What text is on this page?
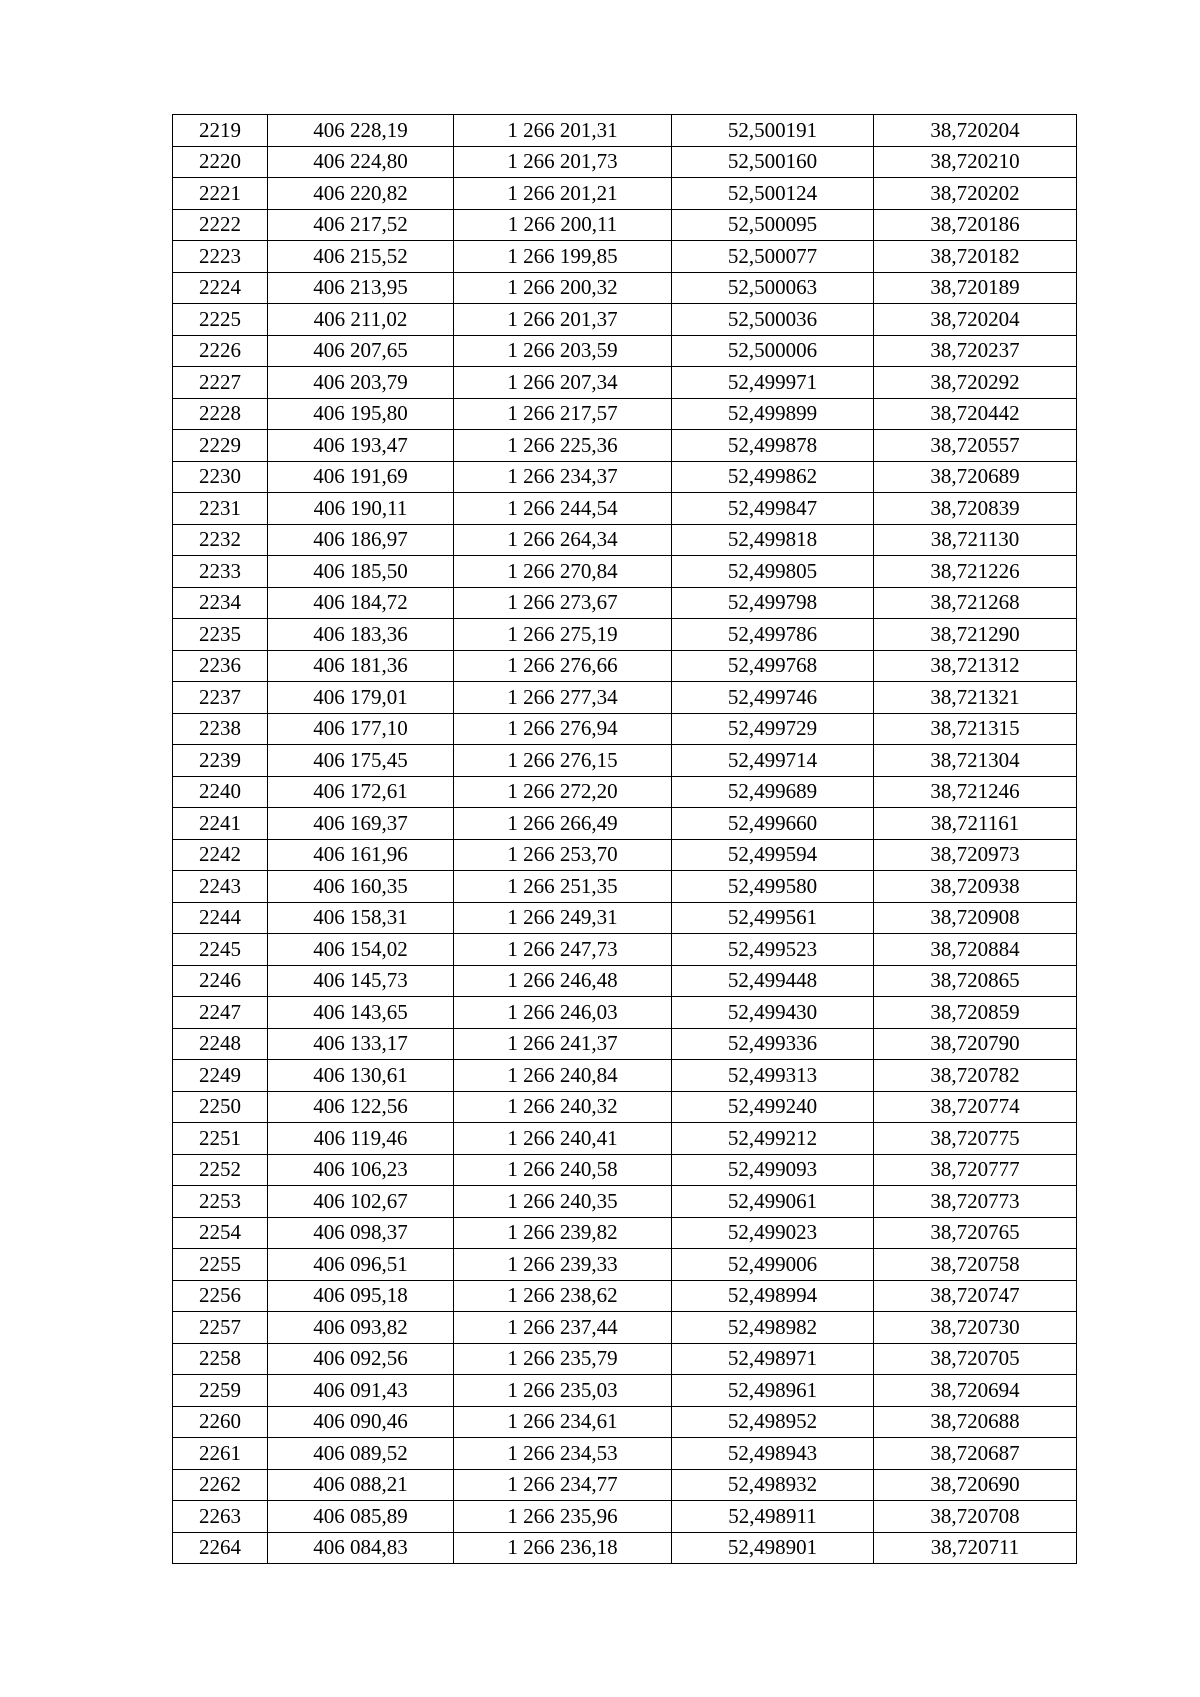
2219	406 228,19	1 266 201,31	52,500191	38,720204
2220	406 224,80	1 266 201,73	52,500160	38,720210
2221	406 220,82	1 266 201,21	52,500124	38,720202
2222	406 217,52	1 266 200,11	52,500095	38,720186
2223	406 215,52	1 266 199,85	52,500077	38,720182
2224	406 213,95	1 266 200,32	52,500063	38,720189
2225	406 211,02	1 266 201,37	52,500036	38,720204
2226	406 207,65	1 266 203,59	52,500006	38,720237
2227	406 203,79	1 266 207,34	52,499971	38,720292
2228	406 195,80	1 266 217,57	52,499899	38,720442
2229	406 193,47	1 266 225,36	52,499878	38,720557
2230	406 191,69	1 266 234,37	52,499862	38,720689
2231	406 190,11	1 266 244,54	52,499847	38,720839
2232	406 186,97	1 266 264,34	52,499818	38,721130
2233	406 185,50	1 266 270,84	52,499805	38,721226
2234	406 184,72	1 266 273,67	52,499798	38,721268
2235	406 183,36	1 266 275,19	52,499786	38,721290
2236	406 181,36	1 266 276,66	52,499768	38,721312
2237	406 179,01	1 266 277,34	52,499746	38,721321
2238	406 177,10	1 266 276,94	52,499729	38,721315
2239	406 175,45	1 266 276,15	52,499714	38,721304
2240	406 172,61	1 266 272,20	52,499689	38,721246
2241	406 169,37	1 266 266,49	52,499660	38,721161
2242	406 161,96	1 266 253,70	52,499594	38,720973
2243	406 160,35	1 266 251,35	52,499580	38,720938
2244	406 158,31	1 266 249,31	52,499561	38,720908
2245	406 154,02	1 266 247,73	52,499523	38,720884
2246	406 145,73	1 266 246,48	52,499448	38,720865
2247	406 143,65	1 266 246,03	52,499430	38,720859
2248	406 133,17	1 266 241,37	52,499336	38,720790
2249	406 130,61	1 266 240,84	52,499313	38,720782
2250	406 122,56	1 266 240,32	52,499240	38,720774
2251	406 119,46	1 266 240,41	52,499212	38,720775
2252	406 106,23	1 266 240,58	52,499093	38,720777
2253	406 102,67	1 266 240,35	52,499061	38,720773
2254	406 098,37	1 266 239,82	52,499023	38,720765
2255	406 096,51	1 266 239,33	52,499006	38,720758
2256	406 095,18	1 266 238,62	52,498994	38,720747
2257	406 093,82	1 266 237,44	52,498982	38,720730
2258	406 092,56	1 266 235,79	52,498971	38,720705
2259	406 091,43	1 266 235,03	52,498961	38,720694
2260	406 090,46	1 266 234,61	52,498952	38,720688
2261	406 089,52	1 266 234,53	52,498943	38,720687
2262	406 088,21	1 266 234,77	52,498932	38,720690
2263	406 085,89	1 266 235,96	52,498911	38,720708
2264	406 084,83	1 266 236,18	52,498901	38,720711
